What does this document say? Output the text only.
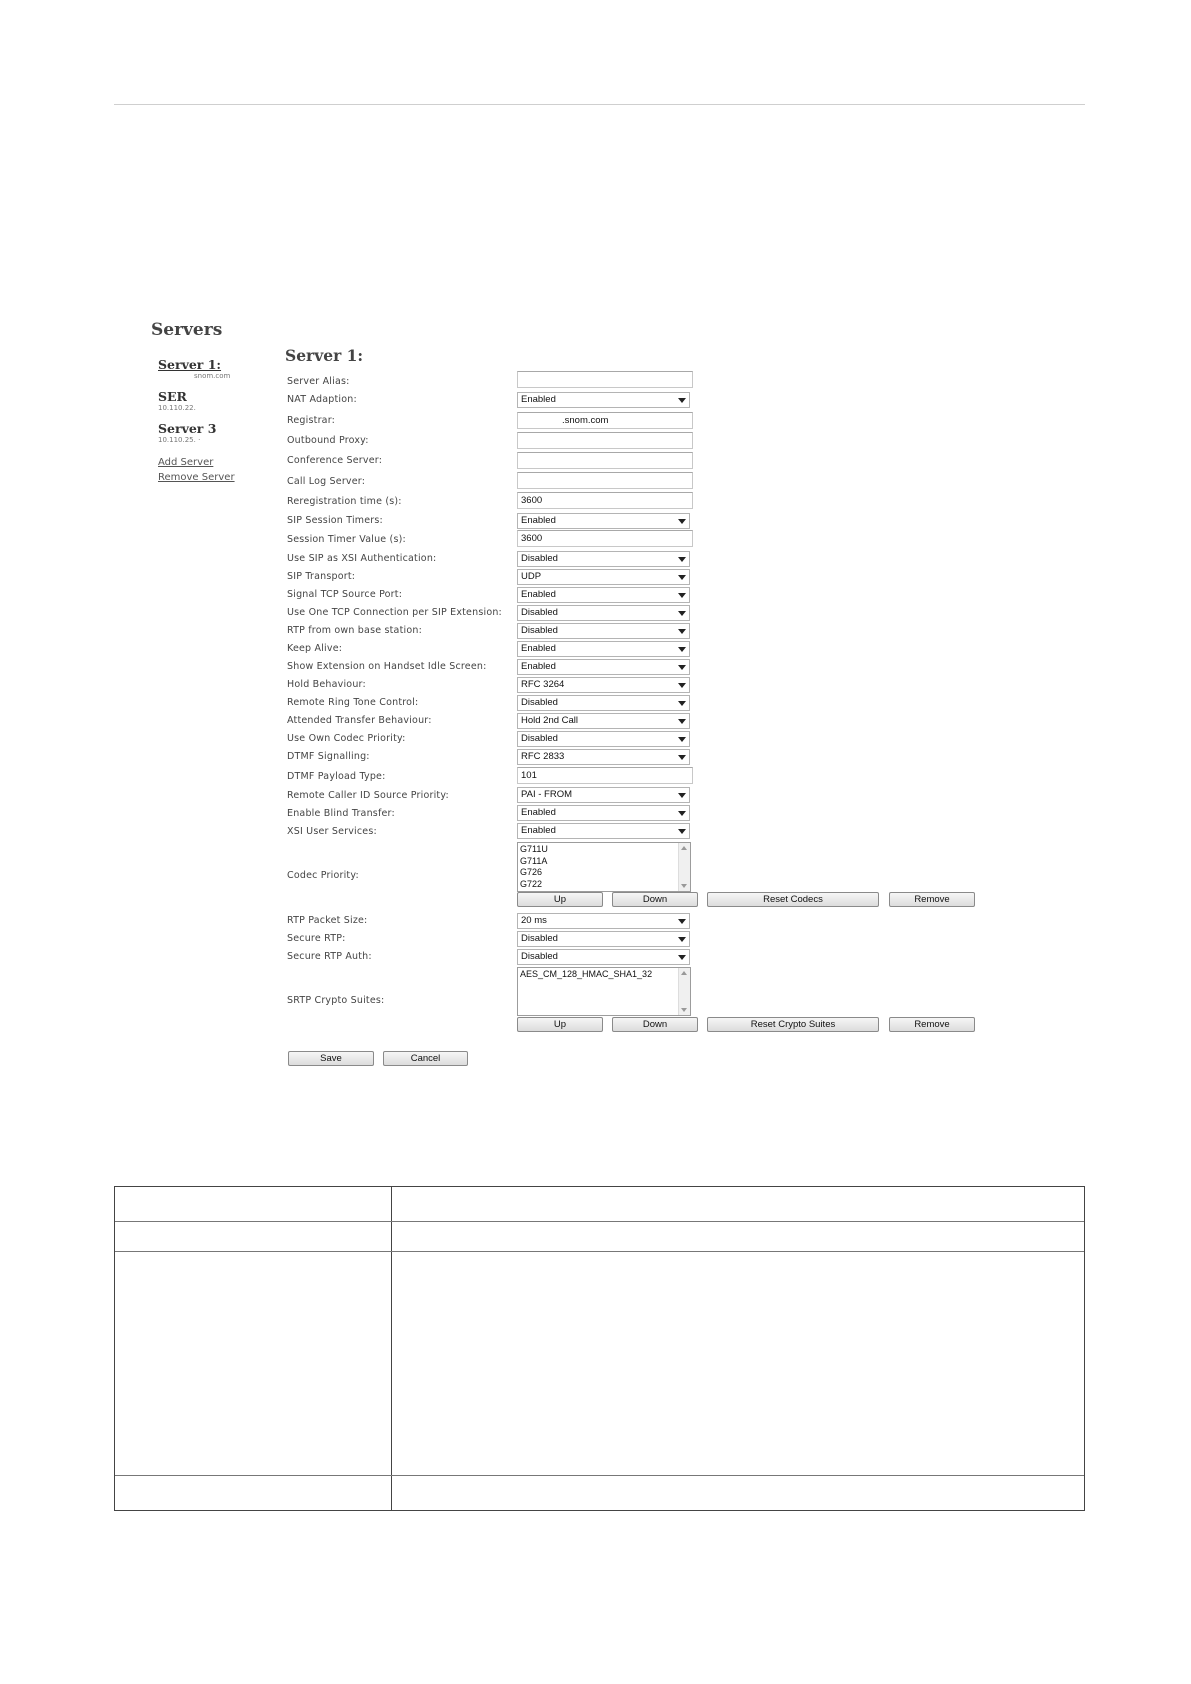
Servers
Server 1:
snom.com
SER
10.110.22.
Server 3
10.110.25. ·
Add Server
Remove Server
Server 1:
Server Alias:
NAT Adaption:	Enabled
Registrar:	.snom.com
Outbound Proxy:
Conference Server:
Call Log Server:
Reregistration time (s):	3600
SIP Session Timers:	Enabled
Session Timer Value (s):	3600
Use SIP as XSI Authentication:	Disabled
SIP Transport:	UDP
Signal TCP Source Port:	Enabled
Use One TCP Connection per SIP Extension:	Disabled
RTP from own base station:	Disabled
Keep Alive:	Enabled
Show Extension on Handset Idle Screen:	Enabled
Hold Behaviour:	RFC 3264
Remote Ring Tone Control:	Disabled
Attended Transfer Behaviour:	Hold 2nd Call
Use Own Codec Priority:	Disabled
DTMF Signalling:	RFC 2833
DTMF Payload Type:	101
Remote Caller ID Source Priority:	PAI - FROM
Enable Blind Transfer:	Enabled
XSI User Services:	Enabled
Codec Priority:
G711U
G711A
G726
G722
Up	Down	Reset Codecs	Remove
RTP Packet Size:	20 ms
Secure RTP:	Disabled
Secure RTP Auth:	Disabled
SRTP Crypto Suites:
AES_CM_128_HMAC_SHA1_32
Up	Down	Reset Crypto Suites	Remove
Save	Cancel
